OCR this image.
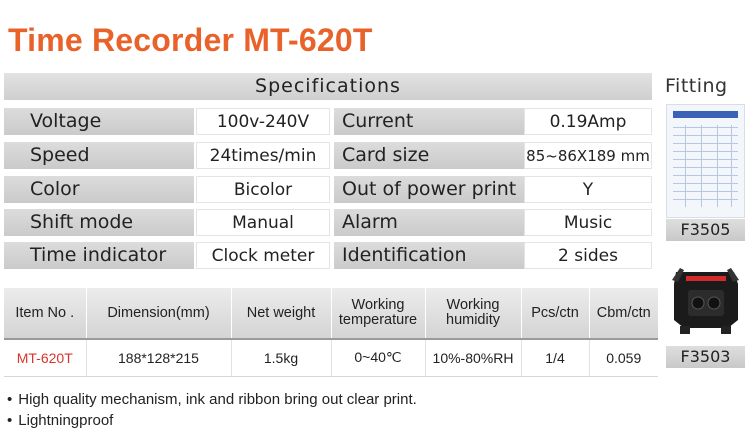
Time Recorder MT-620T
Specifications
Voltage	100v-240V	Current	0.19Amp
Speed	24times/min	Card size	85~86X189 mm
Color	Bicolor	Out of power print	Y
Shift mode	Manual	Alarm	Music
Time indicator	Clock meter	Identification	2 sides
Fitting
F3505
F3503
Item No .	Dimension(mm)	Net weight	Working temperature	Working humidity	Pcs/ctn	Cbm/ctn

MT-620T	188*128*215	1.5kg	0~40℃	10%-80%RH	1/4	0.059
• High quality mechanism, ink and ribbon bring out clear print.
• Lightningproof
